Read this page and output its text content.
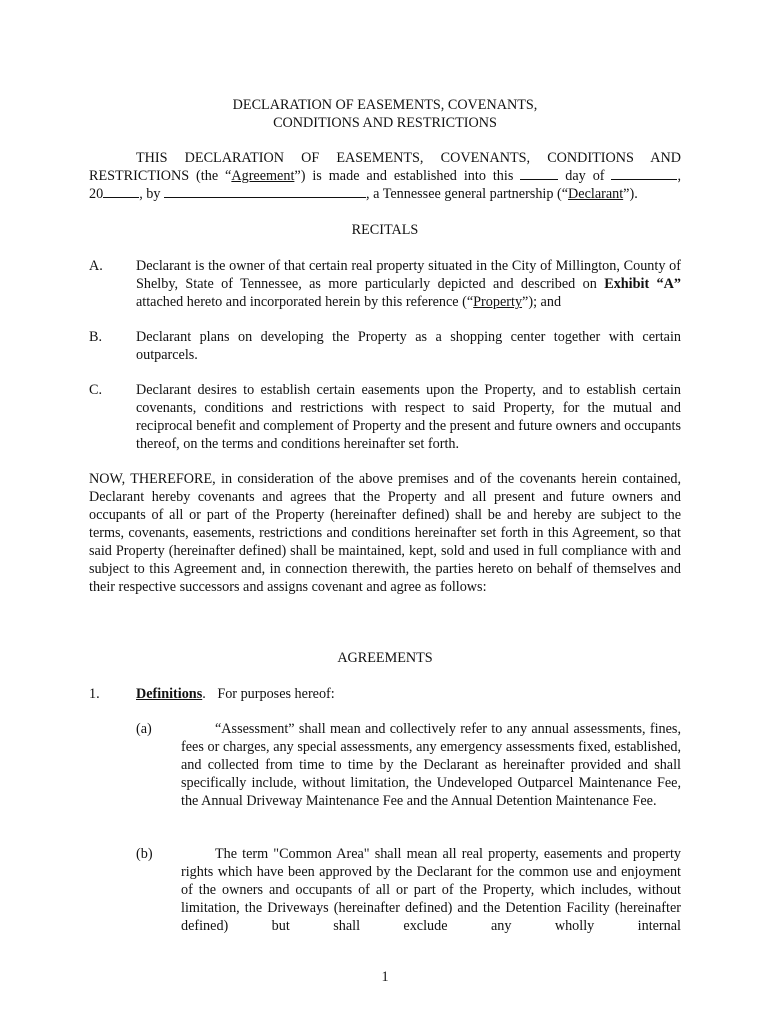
DECLARATION OF EASEMENTS, COVENANTS,
CONDITIONS AND RESTRICTIONS
THIS DECLARATION OF EASEMENTS, COVENANTS, CONDITIONS AND RESTRICTIONS (the “Agreement”) is made and established into this	day of	,
20	, by	, a Tennessee general partnership (“Declarant”).
RECITALS
A. Declarant is the owner of that certain real property situated in the City of Millington, County of Shelby, State of Tennessee, as more particularly depicted and described on Exhibit “A” attached hereto and incorporated herein by this reference (“Property”); and
B. Declarant plans on developing the Property as a shopping center together with certain outparcels.
C. Declarant desires to establish certain easements upon the Property, and to establish certain covenants, conditions and restrictions with respect to said Property, for the mutual and reciprocal benefit and complement of Property and the present and future owners and occupants thereof, on the terms and conditions hereinafter set forth.
NOW, THEREFORE, in consideration of the above premises and of the covenants herein contained, Declarant hereby covenants and agrees that the Property and all present and future owners and occupants of all or part of the Property (hereinafter defined) shall be and hereby are subject to the terms, covenants, easements, restrictions and conditions hereinafter set forth in this Agreement, so that said Property (hereinafter defined) shall be maintained, kept, sold and used in full compliance with and subject to this Agreement and, in connection therewith, the parties hereto on behalf of themselves and their respective successors and assigns covenant and agree as follows:
AGREEMENTS
1.	Definitions. For purposes hereof:
(a)	“Assessment” shall mean and collectively refer to any annual assessments, fines, fees or charges, any special assessments, any emergency assessments fixed, established, and collected from time to time by the Declarant as hereinafter provided and shall specifically include, without limitation, the Undeveloped Outparcel Maintenance Fee, the Annual Driveway Maintenance Fee and the Annual Detention Maintenance Fee.
(b)	The term "Common Area" shall mean all real property, easements and property rights which have been approved by the Declarant for the common use and enjoyment of the owners and occupants of all or part of the Property, which includes, without limitation, the Driveways (hereinafter defined) and the Detention Facility (hereinafter defined) but shall exclude any wholly internal
1
